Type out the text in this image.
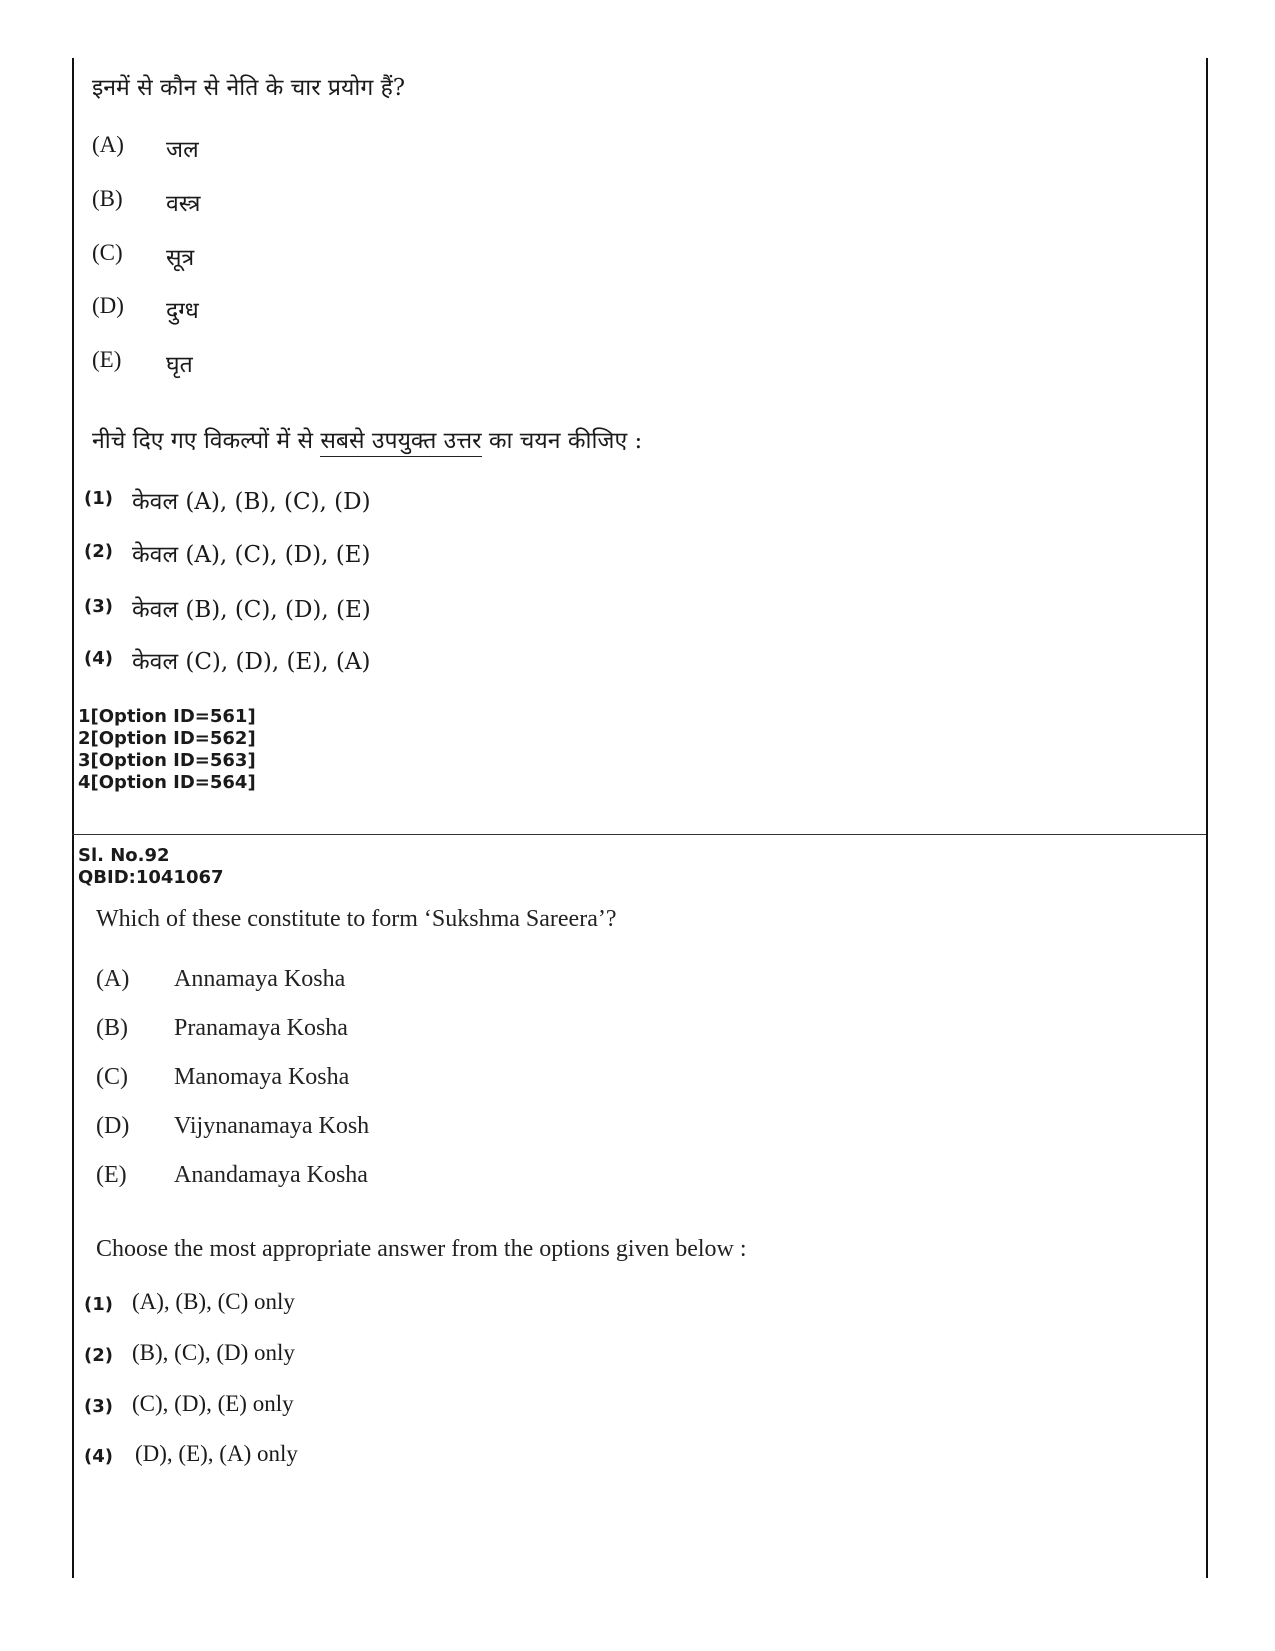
इनमें से कौन से नेति के चार प्रयोग हैं?
(A) जल
(B) वस्त्र
(C) सूत्र
(D) दुग्ध
(E) घृत
नीचे दिए गए विकल्पों में से सबसे उपयुक्त उत्तर का चयन कीजिए :
(1) केवल (A), (B), (C), (D)
(2) केवल (A), (C), (D), (E)
(3) केवल (B), (C), (D), (E)
(4) केवल (C), (D), (E), (A)
1[Option ID=561]
2[Option ID=562]
3[Option ID=563]
4[Option ID=564]
Sl. No.92
QBID:1041067
Which of these constitute to form ‘Sukshma Sareera’?
(A) Annamaya Kosha
(B) Pranamaya Kosha
(C) Manomaya Kosha
(D) Vijynanamaya Kosh
(E) Anandamaya Kosha
Choose the most appropriate answer from the options given below :
(1) (A), (B), (C) only
(2) (B), (C), (D) only
(3) (C), (D), (E) only
(4) (D), (E), (A) only
